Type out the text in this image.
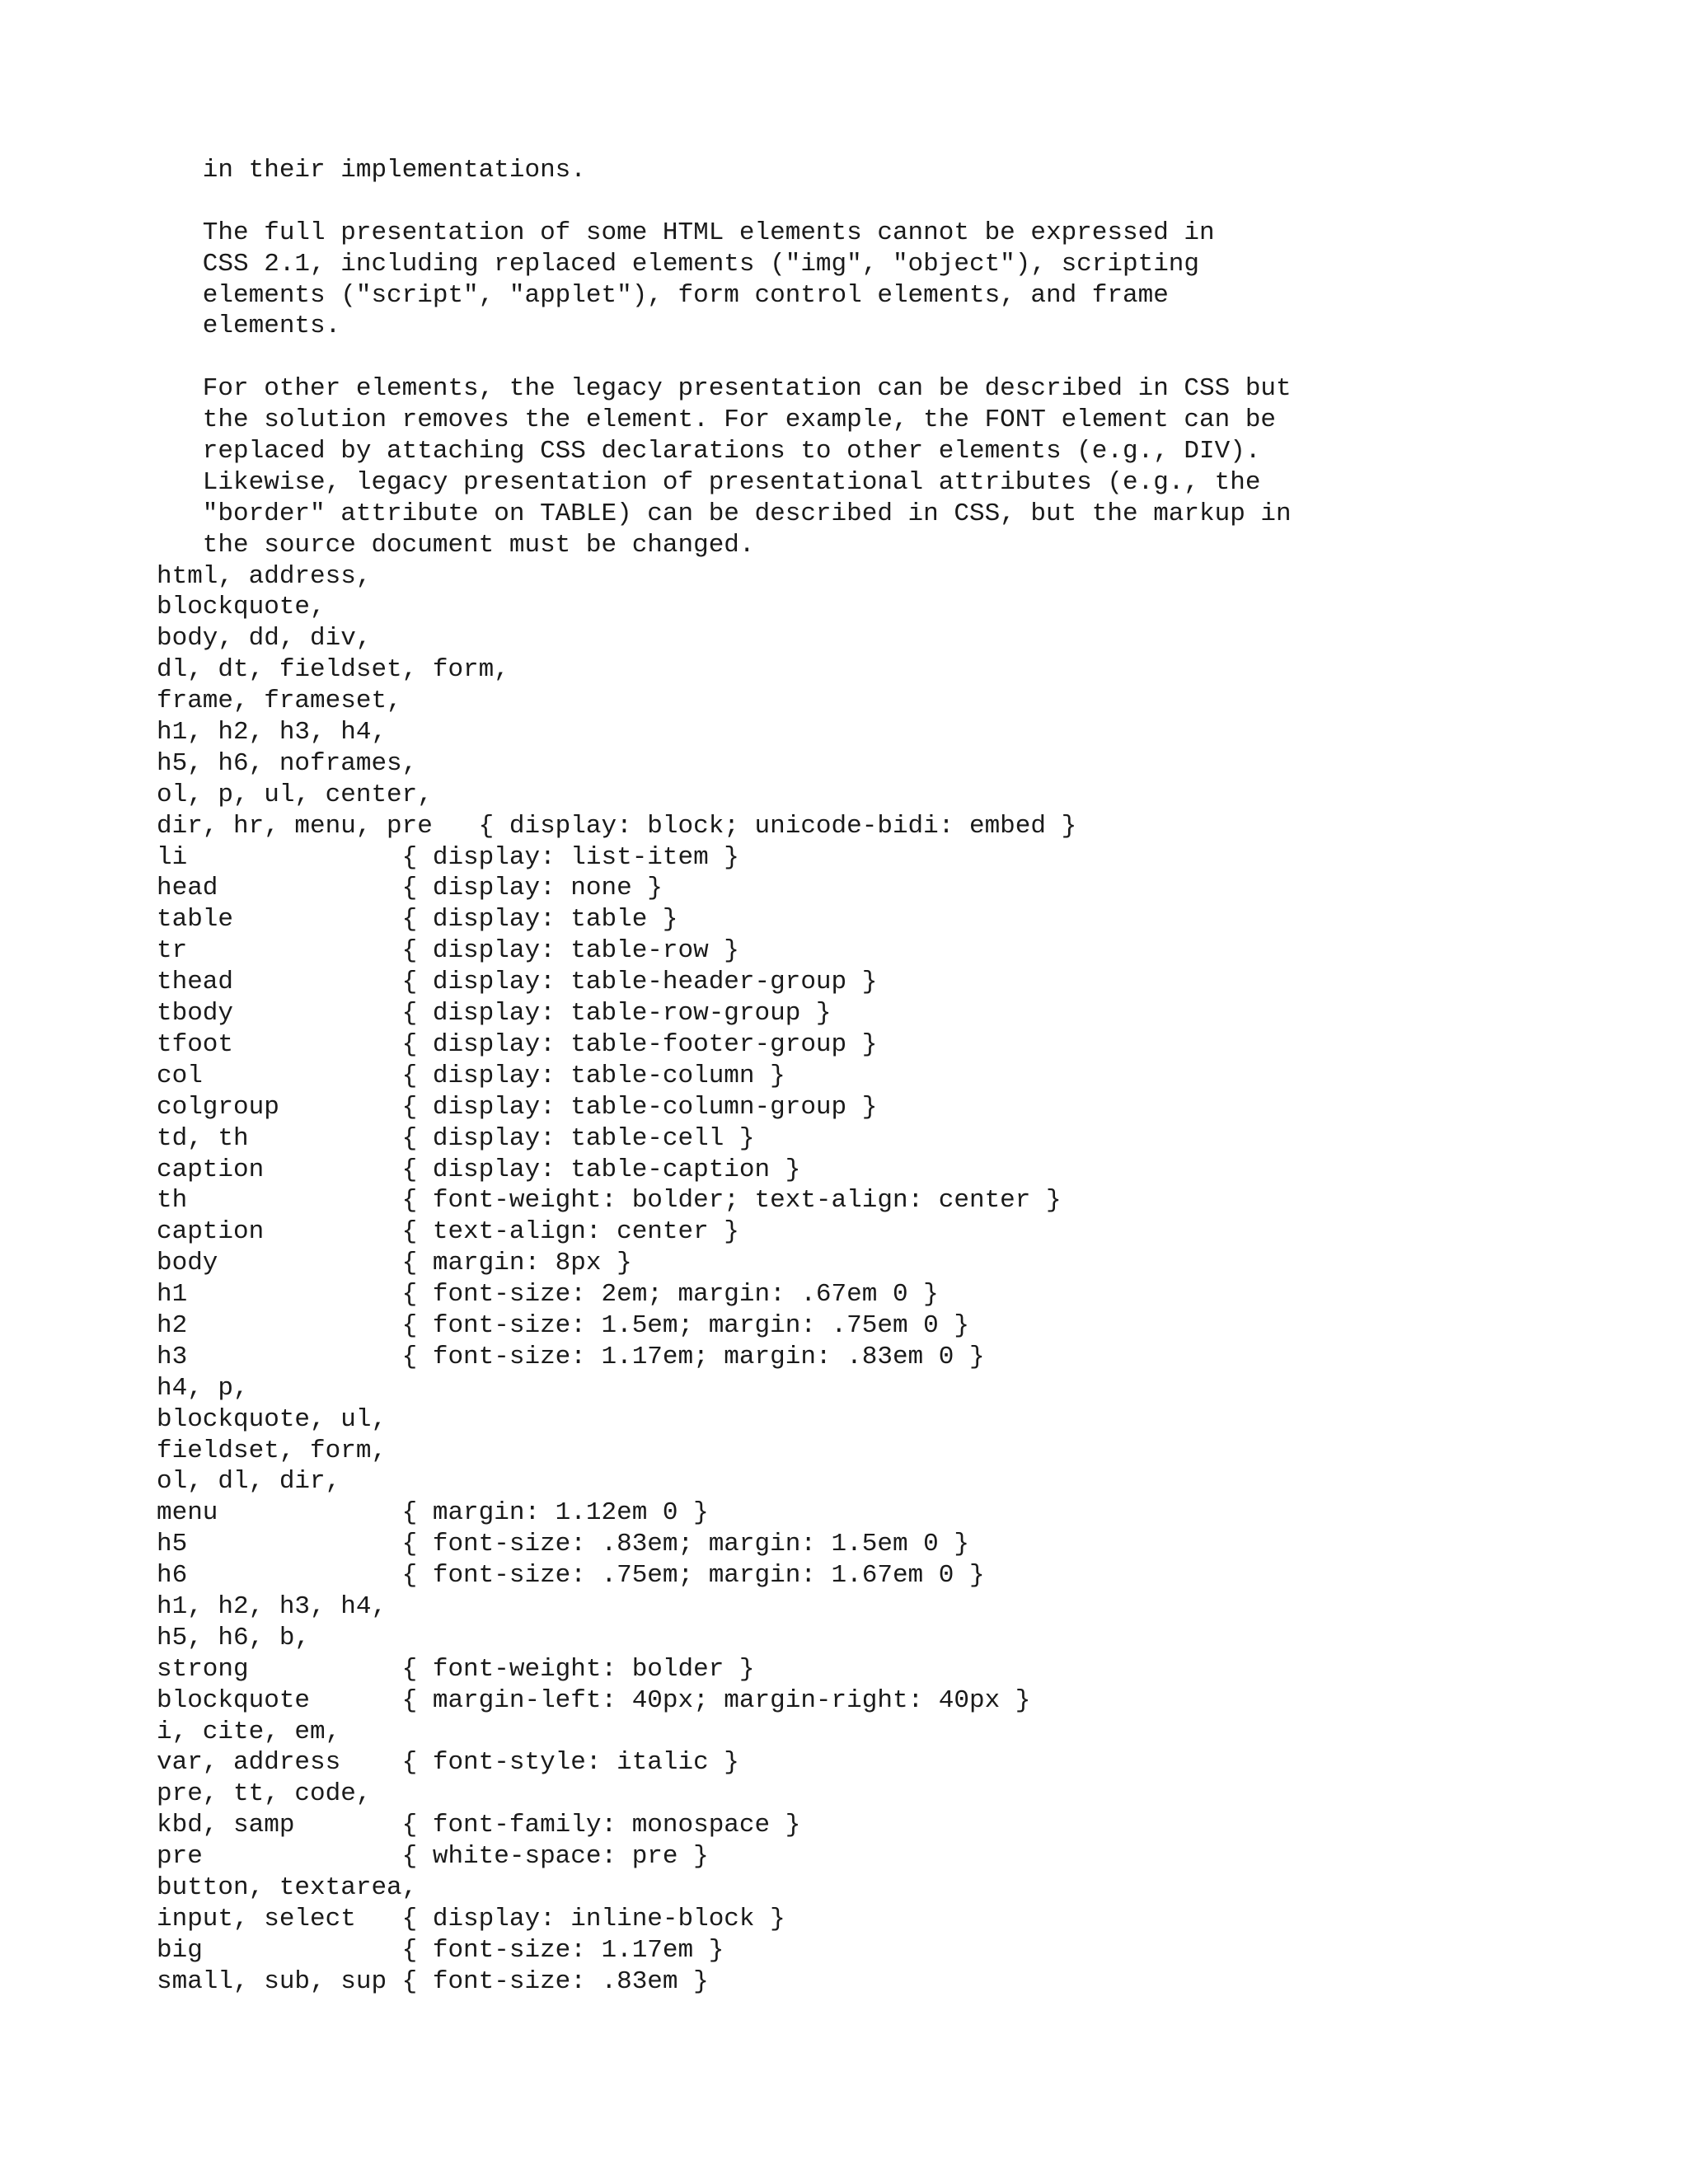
in their implementations.

The full presentation of some HTML elements cannot be expressed in
CSS 2.1, including replaced elements ("img", "object"), scripting
elements ("script", "applet"), form control elements, and frame
elements.

For other elements, the legacy presentation can be described in CSS but
the solution removes the element. For example, the FONT element can be
replaced by attaching CSS declarations to other elements (e.g., DIV).
Likewise, legacy presentation of presentational attributes (e.g., the
"border" attribute on TABLE) can be described in CSS, but the markup in
the source document must be changed.
html, address,
blockquote,
body, dd, div,
dl, dt, fieldset, form,
frame, frameset,
h1, h2, h3, h4,
h5, h6, noframes,
ol, p, ul, center,
dir, hr, menu, pre   { display: block; unicode-bidi: embed }
li              { display: list-item }
head            { display: none }
table           { display: table }
tr              { display: table-row }
thead           { display: table-header-group }
tbody           { display: table-row-group }
tfoot           { display: table-footer-group }
col             { display: table-column }
colgroup        { display: table-column-group }
td, th          { display: table-cell }
caption         { display: table-caption }
th              { font-weight: bolder; text-align: center }
caption         { text-align: center }
body            { margin: 8px }
h1              { font-size: 2em; margin: .67em 0 }
h2              { font-size: 1.5em; margin: .75em 0 }
h3              { font-size: 1.17em; margin: .83em 0 }
h4, p,
blockquote, ul,
fieldset, form,
ol, dl, dir,
menu            { margin: 1.12em 0 }
h5              { font-size: .83em; margin: 1.5em 0 }
h6              { font-size: .75em; margin: 1.67em 0 }
h1, h2, h3, h4,
h5, h6, b,
strong          { font-weight: bolder }
blockquote      { margin-left: 40px; margin-right: 40px }
i, cite, em,
var, address    { font-style: italic }
pre, tt, code,
kbd, samp       { font-family: monospace }
pre             { white-space: pre }
button, textarea,
input, select   { display: inline-block }
big             { font-size: 1.17em }
small, sub, sup { font-size: .83em }
